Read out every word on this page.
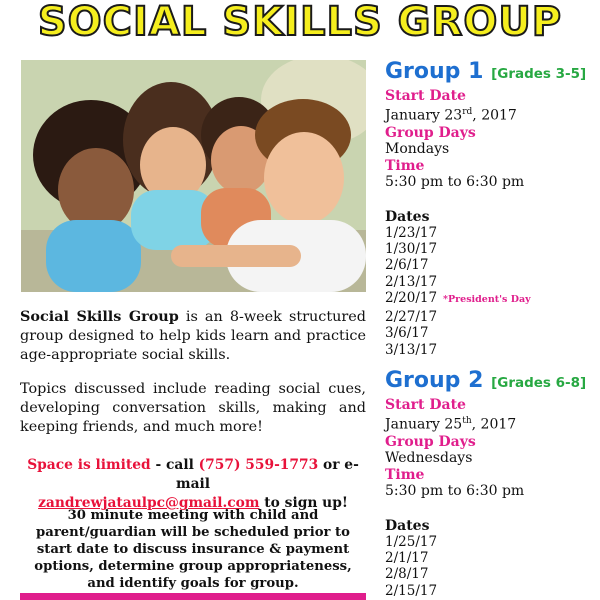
SOCIAL SKILLS GROUP
Social Skills Group is an 8-week structured group designed to help kids learn and practice age-appropriate social skills.
Topics discussed include reading social cues, developing conversation skills, making and keeping friends, and much more!
Space is limited - call (757) 559-1773 or e-mail
zandrewjataulpc@gmail.com to sign up!
30 minute meeting with child and parent/guardian will be scheduled prior to start date to discuss insurance & payment options, determine group appropriateness, and identify goals for group.
Group 1 [Grades 3-5]
Start Date
January 23rd, 2017
Group Days
Mondays
Time
5:30 pm to 6:30 pm
Dates
1/23/17
1/30/17
2/6/17
2/13/17
2/20/17 *President's Day
2/27/17
3/6/17
3/13/17
Group 2 [Grades 6-8]
Start Date
January 25th, 2017
Group Days
Wednesdays
Time
5:30 pm to 6:30 pm
Dates
1/25/17
2/1/17
2/8/17
2/15/17
